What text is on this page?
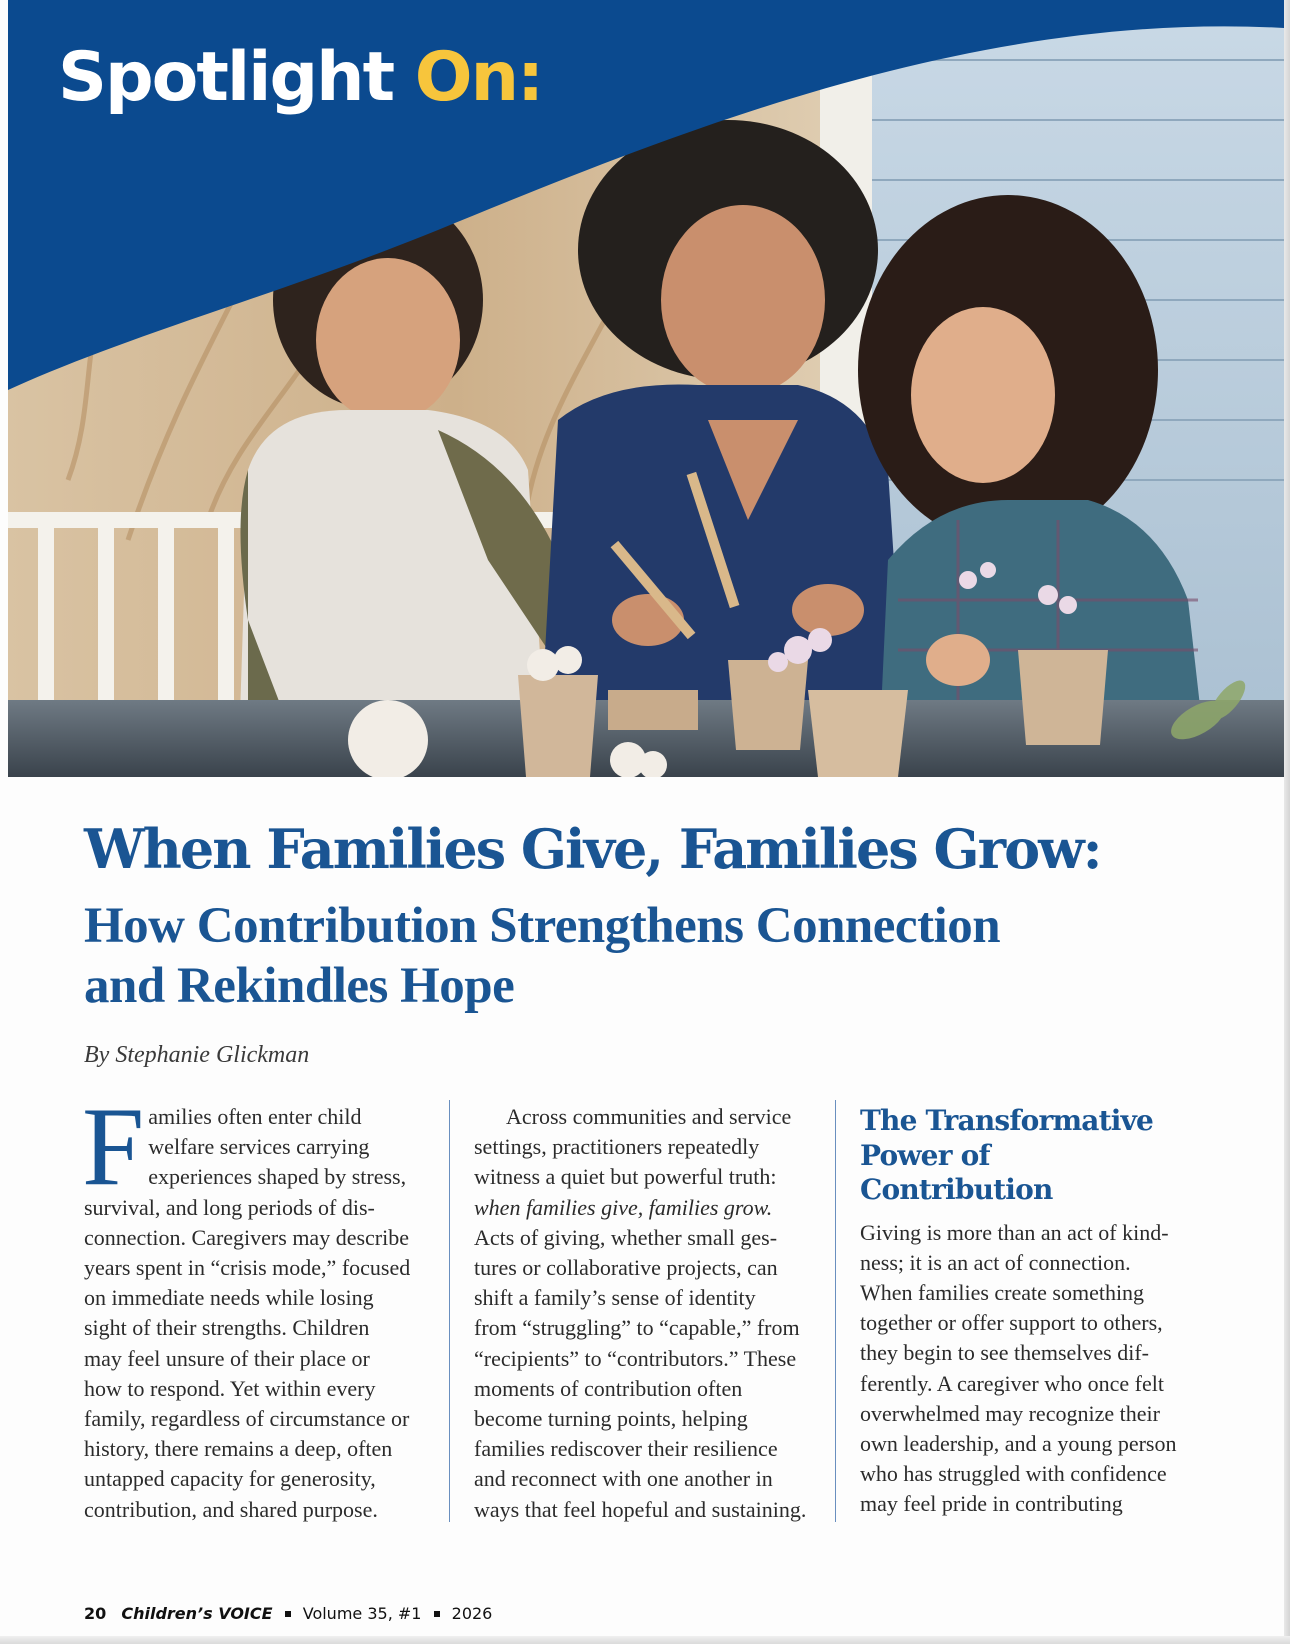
Spotlight On:
When Families Give, Families Grow:
How Contribution Strengthens Connection
and Rekindles Hope

By Stephanie Glickman

F amilies often enter child

welfare services carrying

experiences shaped by stress,

survival, and long periods of dis-

connection. Caregivers may describe

years spent in “crisis mode,” focused

on immediate needs while losing

sight of their strengths. Children

may feel unsure of their place or

how to respond. Yet within every

family, regardless of circumstance or

history, there remains a deep, often

untapped capacity for generosity,

contribution, and shared purpose.

Across communities and service

settings, practitioners repeatedly

witness a quiet but powerful truth:

when families give, families grow.

Acts of giving, whether small ges-

tures or collaborative projects, can

shift a family’s sense of identity

from “struggling” to “capable,” from

“recipients” to “contributors.” These

moments of contribution often

become turning points, helping

families rediscover their resilience

and reconnect with one another in

ways that feel hopeful and sustaining.

The Transformative
Power of
Contribution

Giving is more than an act of kind-

ness; it is an act of connection.

When families create something

together or offer support to others,

they begin to see themselves dif-

ferently. A caregiver who once felt

overwhelmed may recognize their

own leadership, and a young person

who has struggled with confidence

may feel pride in contributing

20 Children’s VOICE Volume 35, #1 2026
